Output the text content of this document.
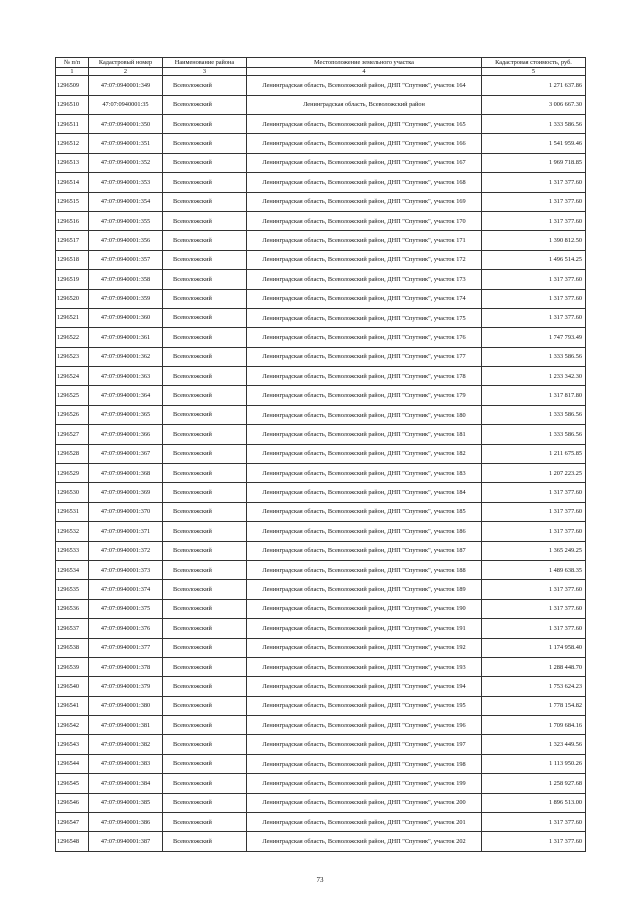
№ п/п	Кадастровый номер	Наименование района	Местоположение земельного участка	Кадастровая стоимость, руб.
1	2	3	4	5
1296509	47:07:0940001:349	Всеволожский	Ленинградская область, Всеволожский район, ДНП "Спутник", участок 164	1 271 637.86
1296510	47:07:0940001:35	Всеволожский	Ленинградская область, Всеволожский район	3 006 667.30
1296511	47:07:0940001:350	Всеволожский	Ленинградская область, Всеволожский район, ДНП "Спутник", участок 165	1 333 586.56
1296512	47:07:0940001:351	Всеволожский	Ленинградская область, Всеволожский район, ДНП "Спутник", участок 166	1 541 959.46
1296513	47:07:0940001:352	Всеволожский	Ленинградская область, Всеволожский район, ДНП "Спутник", участок 167	1 969 718.85
1296514	47:07:0940001:353	Всеволожский	Ленинградская область, Всеволожский район, ДНП "Спутник", участок 168	1 317 377.60
1296515	47:07:0940001:354	Всеволожский	Ленинградская область, Всеволожский район, ДНП "Спутник", участок 169	1 317 377.60
1296516	47:07:0940001:355	Всеволожский	Ленинградская область, Всеволожский район, ДНП "Спутник", участок 170	1 317 377.60
1296517	47:07:0940001:356	Всеволожский	Ленинградская область, Всеволожский район, ДНП "Спутник", участок 171	1 390 812.50
1296518	47:07:0940001:357	Всеволожский	Ленинградская область, Всеволожский район, ДНП "Спутник", участок 172	1 496 514.25
1296519	47:07:0940001:358	Всеволожский	Ленинградская область, Всеволожский район, ДНП "Спутник", участок 173	1 317 377.60
1296520	47:07:0940001:359	Всеволожский	Ленинградская область, Всеволожский район, ДНП "Спутник", участок 174	1 317 377.60
1296521	47:07:0940001:360	Всеволожский	Ленинградская область, Всеволожский район, ДНП "Спутник", участок 175	1 317 377.60
1296522	47:07:0940001:361	Всеволожский	Ленинградская область, Всеволожский район, ДНП "Спутник", участок 176	1 747 793.49
1296523	47:07:0940001:362	Всеволожский	Ленинградская область, Всеволожский район, ДНП "Спутник", участок 177	1 333 586.56
1296524	47:07:0940001:363	Всеволожский	Ленинградская область, Всеволожский район, ДНП "Спутник", участок 178	1 233 342.30
1296525	47:07:0940001:364	Всеволожский	Ленинградская область, Всеволожский район, ДНП "Спутник", участок 179	1 317 817.80
1296526	47:07:0940001:365	Всеволожский	Ленинградская область, Всеволожский район, ДНП "Спутник", участок 180	1 333 586.56
1296527	47:07:0940001:366	Всеволожский	Ленинградская область, Всеволожский район, ДНП "Спутник", участок 181	1 333 586.56
1296528	47:07:0940001:367	Всеволожский	Ленинградская область, Всеволожский район, ДНП "Спутник", участок 182	1 211 675.85
1296529	47:07:0940001:368	Всеволожский	Ленинградская область, Всеволожский район, ДНП "Спутник", участок 183	1 207 223.25
1296530	47:07:0940001:369	Всеволожский	Ленинградская область, Всеволожский район, ДНП "Спутник", участок 184	1 317 377.60
1296531	47:07:0940001:370	Всеволожский	Ленинградская область, Всеволожский район, ДНП "Спутник", участок 185	1 317 377.60
1296532	47:07:0940001:371	Всеволожский	Ленинградская область, Всеволожский район, ДНП "Спутник", участок 186	1 317 377.60
1296533	47:07:0940001:372	Всеволожский	Ленинградская область, Всеволожский район, ДНП "Спутник", участок 187	1 365 249.25
1296534	47:07:0940001:373	Всеволожский	Ленинградская область, Всеволожский район, ДНП "Спутник", участок 188	1 489 638.35
1296535	47:07:0940001:374	Всеволожский	Ленинградская область, Всеволожский район, ДНП "Спутник", участок 189	1 317 377.60
1296536	47:07:0940001:375	Всеволожский	Ленинградская область, Всеволожский район, ДНП "Спутник", участок 190	1 317 377.60
1296537	47:07:0940001:376	Всеволожский	Ленинградская область, Всеволожский район, ДНП "Спутник", участок 191	1 317 377.60
1296538	47:07:0940001:377	Всеволожский	Ленинградская область, Всеволожский район, ДНП "Спутник", участок 192	1 174 958.40
1296539	47:07:0940001:378	Всеволожский	Ленинградская область, Всеволожский район, ДНП "Спутник", участок 193	1 288 448.70
1296540	47:07:0940001:379	Всеволожский	Ленинградская область, Всеволожский район, ДНП "Спутник", участок 194	1 753 624.23
1296541	47:07:0940001:380	Всеволожский	Ленинградская область, Всеволожский район, ДНП "Спутник", участок 195	1 778 154.82
1296542	47:07:0940001:381	Всеволожский	Ленинградская область, Всеволожский район, ДНП "Спутник", участок 196	1 709 684.16
1296543	47:07:0940001:382	Всеволожский	Ленинградская область, Всеволожский район, ДНП "Спутник", участок 197	1 323 449.56
1296544	47:07:0940001:383	Всеволожский	Ленинградская область, Всеволожский район, ДНП "Спутник", участок 198	1 113 950.26
1296545	47:07:0940001:384	Всеволожский	Ленинградская область, Всеволожский район, ДНП "Спутник", участок 199	1 258 927.68
1296546	47:07:0940001:385	Всеволожский	Ленинградская область, Всеволожский район, ДНП "Спутник", участок 200	1 896 513.00
1296547	47:07:0940001:386	Всеволожский	Ленинградская область, Всеволожский район, ДНП "Спутник", участок 201	1 317 377.60
1296548	47:07:0940001:387	Всеволожский	Ленинградская область, Всеволожский район, ДНП "Спутник", участок 202	1 317 377.60
73
